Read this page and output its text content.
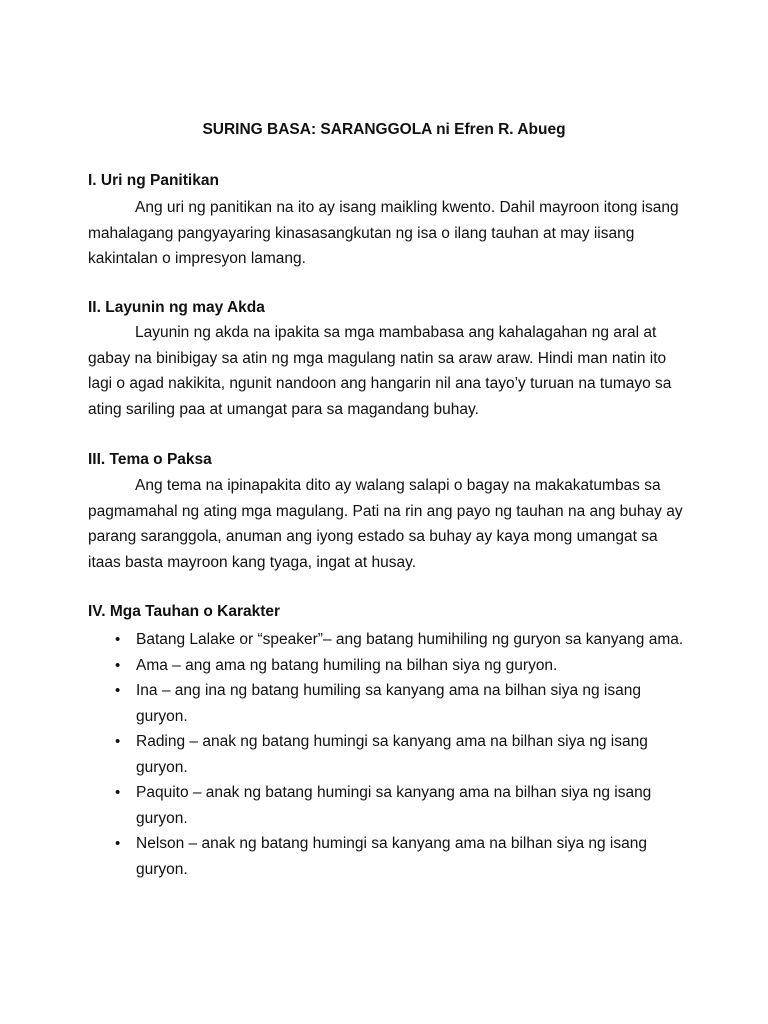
SURING BASA: SARANGGOLA ni Efren R. Abueg
I. Uri ng Panitikan
Ang uri ng panitikan na ito ay isang maikling kwento. Dahil mayroon itong isang mahalagang pangyayaring kinasasangkutan ng isa o ilang tauhan at may iisang kakintalan o impresyon lamang.
II. Layunin ng may Akda
Layunin ng akda na ipakita sa mga mambabasa ang kahalagahan ng aral at gabay na binibigay sa atin ng mga magulang natin sa araw araw. Hindi man natin ito lagi o agad nakikita, ngunit nandoon ang hangarin nil ana tayo’y turuan na tumayo sa ating sariling paa at umangat para sa magandang buhay.
III. Tema o Paksa
Ang tema na ipinapakita dito ay walang salapi o bagay na makakatumbas sa pagmamahal ng ating mga magulang. Pati na rin ang payo ng tauhan na ang buhay ay parang saranggola, anuman ang iyong estado sa buhay ay kaya mong umangat sa itaas basta mayroon kang tyaga, ingat at husay.
IV. Mga Tauhan o Karakter
• Batang Lalake or “speaker”– ang batang humihiling ng guryon sa kanyang ama.
• Ama – ang ama ng batang humiling na bilhan siya ng guryon.
• Ina – ang ina ng batang humiling sa kanyang ama na bilhan siya ng isang guryon.
• Rading – anak ng batang humingi sa kanyang ama na bilhan siya ng isang guryon.
• Paquito – anak ng batang humingi sa kanyang ama na bilhan siya ng isang guryon.
• Nelson – anak ng batang humingi sa kanyang ama na bilhan siya ng isang guryon.
